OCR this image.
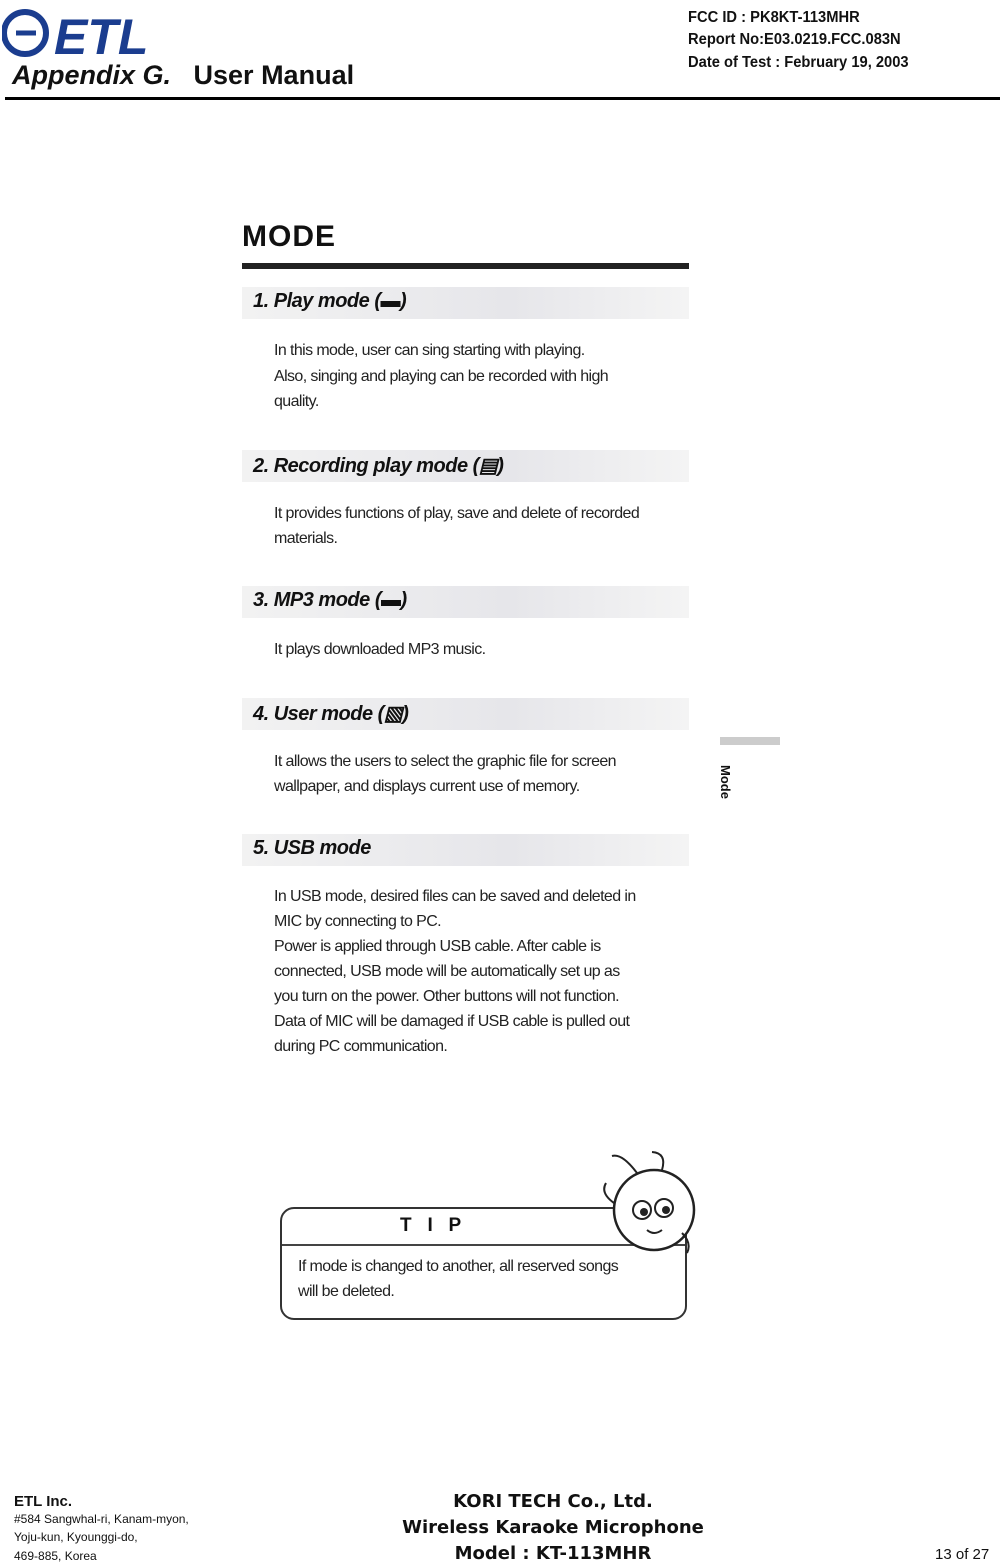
ETL
Appendix G. User Manual
FCC ID : PK8KT-113MHR
Report No:E03.0219.FCC.083N
Date of Test : February 19, 2003
MODE
1. Play mode (▬)
In this mode, user can sing starting with playing.
Also, singing and playing can be recorded with high
quality.
2. Recording play mode (▤)
It provides functions of play, save and delete of recorded
materials.
3. MP3 mode (▬)
It plays downloaded MP3 music.
4. User mode (▧)
It allows the users to select the graphic file for screen
wallpaper, and displays current use of memory.
5. USB mode
In USB mode, desired files can be saved and deleted in
MIC by connecting to PC.
Power is applied through USB cable. After cable is
connected, USB mode will be automatically set up as
you turn on the power. Other buttons will not function.
Data of MIC will be damaged if USB cable is pulled out
during PC communication.
Mode
T   I   P
If mode is changed to another, all reserved songs
will be deleted.
ETL Inc.
#584 Sangwhal-ri, Kanam-myon,
Yoju-kun, Kyounggi-do,
469-885, Korea
KORI TECH Co., Ltd.
Wireless Karaoke Microphone
Model : KT-113MHR	13 of 27
